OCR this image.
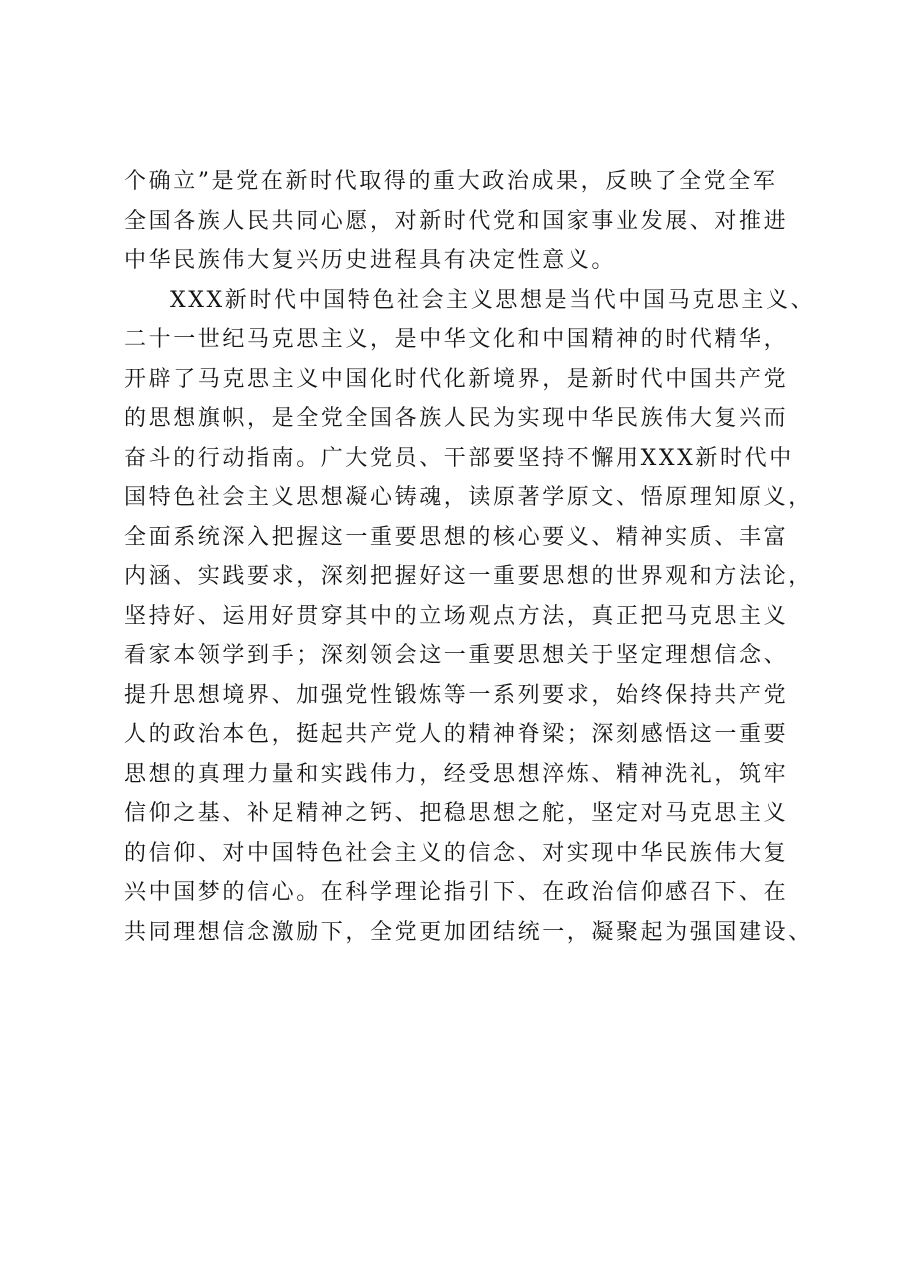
个确立”是党在新时代取得的重大政治成果，反映了全党全军
全国各族人民共同心愿，对新时代党和国家事业发展、对推进
中华民族伟大复兴历史进程具有决定性意义。
XXX新时代中国特色社会主义思想是当代中国马克思主义、
二十一世纪马克思主义，是中华文化和中国精神的时代精华，
开辟了马克思主义中国化时代化新境界，是新时代中国共产党
的思想旗帜，是全党全国各族人民为实现中华民族伟大复兴而
奋斗的行动指南。广大党员、干部要坚持不懈用XXX新时代中
国特色社会主义思想凝心铸魂，读原著学原文、悟原理知原义，
全面系统深入把握这一重要思想的核心要义、精神实质、丰富
内涵、实践要求，深刻把握好这一重要思想的世界观和方法论，
坚持好、运用好贯穿其中的立场观点方法，真正把马克思主义
看家本领学到手；深刻领会这一重要思想关于坚定理想信念、
提升思想境界、加强党性锻炼等一系列要求，始终保持共产党
人的政治本色，挺起共产党人的精神脊梁；深刻感悟这一重要
思想的真理力量和实践伟力，经受思想淬炼、精神洗礼，筑牢
信仰之基、补足精神之钙、把稳思想之舵，坚定对马克思主义
的信仰、对中国特色社会主义的信念、对实现中华民族伟大复
兴中国梦的信心。在科学理论指引下、在政治信仰感召下、在
共同理想信念激励下，全党更加团结统一，凝聚起为强国建设、
